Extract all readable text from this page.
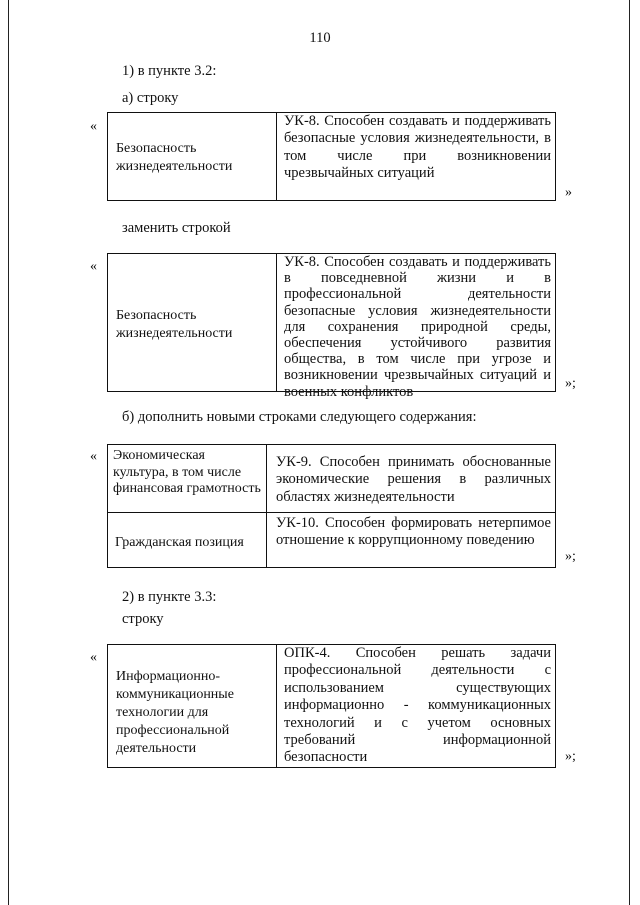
110
1) в пункте 3.2:
а) строку
«
Безопасность жизнедеятельности
УК-8. Способен создавать и поддерживать безопасные условия жизнедеятельности, в том числе при возникновении чрезвычайных ситуаций
»
заменить строкой
«
Безопасность жизнедеятельности
УК-8. Способен создавать и поддерживать в повседневной жизни и в профессиональной деятельности безопасные условия жизнедеятельности для сохранения природной среды, обеспечения устойчивого развития общества, в том числе при угрозе и возникновении чрезвычайных ситуаций и военных конфликтов
»;
б) дополнить новыми строками следующего содержания:
« Экономическая культура, в том числе финансовая грамотность
УК-9. Способен принимать обоснованные экономические решения в различных областях жизнедеятельности
Гражданская позиция
УК-10. Способен формировать нетерпимое отношение к коррупционному поведению
»;
2) в пункте 3.3:
строку
«
Информационно-коммуникационные технологии для профессиональной деятельности
ОПК-4. Способен решать задачи профессиональной деятельности с использованием существующих информационно - коммуникационных технологий и с учетом основных требований информационной безопасности	»;
